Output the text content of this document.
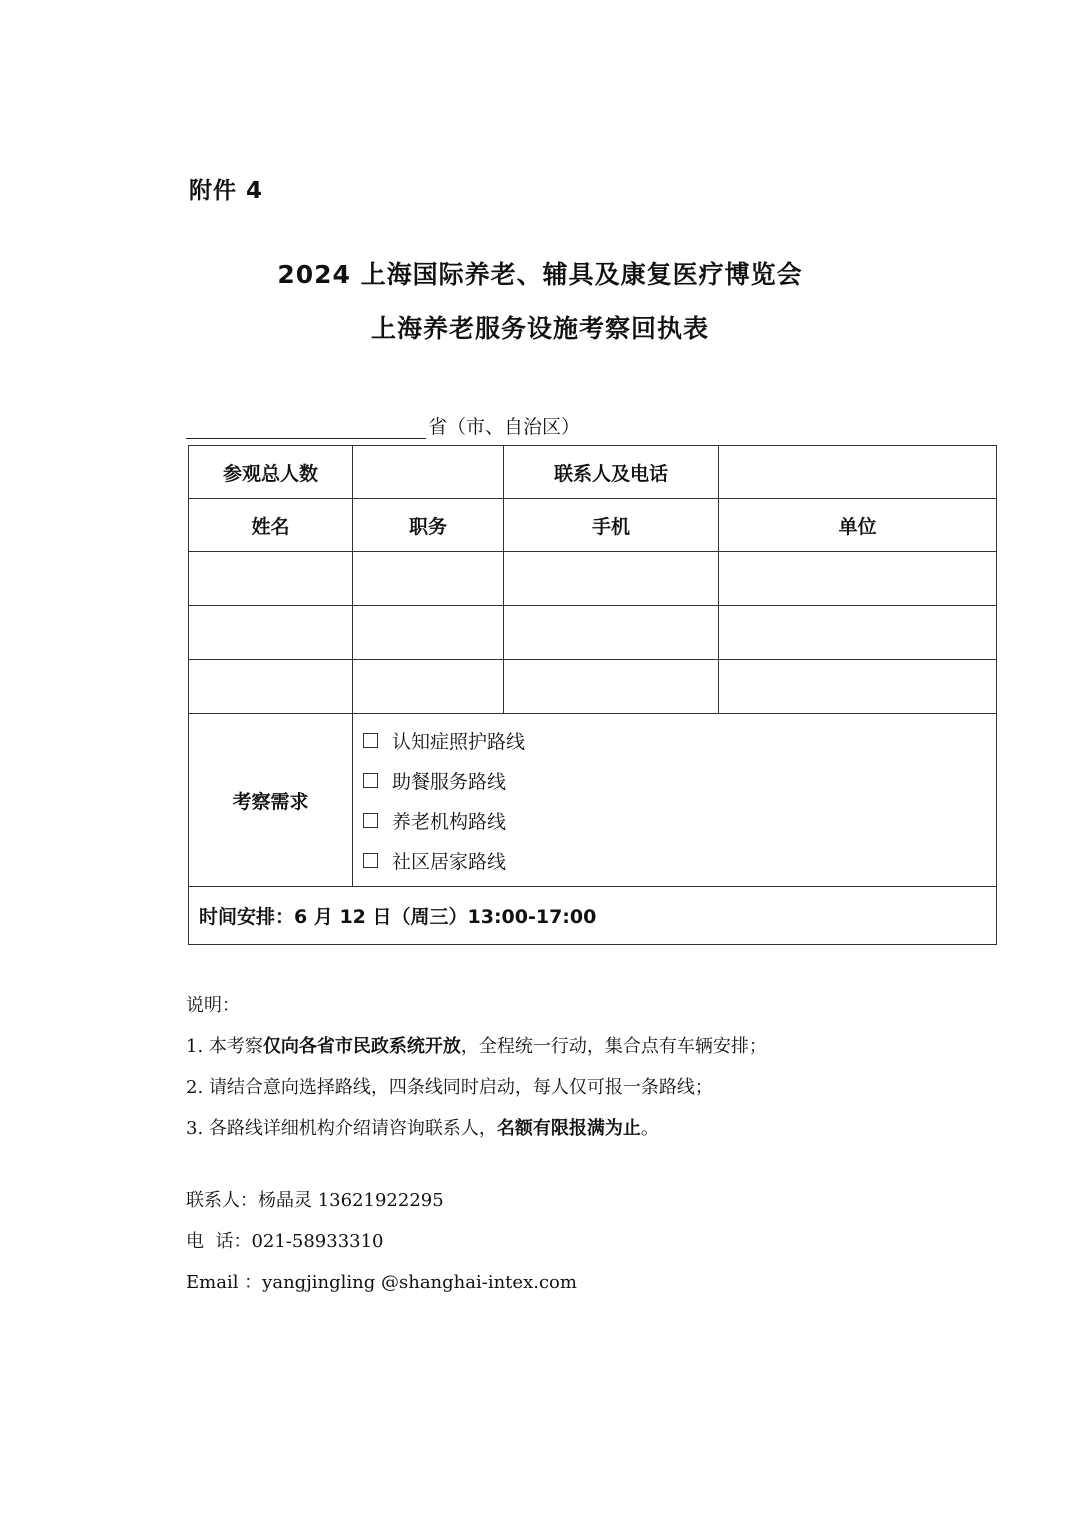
附件 4
2024 上海国际养老、辅具及康复医疗博览会
上海养老服务设施考察回执表
省（市、自治区）
参观总人数		联系人及电话	
姓名	职务	手机	单位

考察需求	认知症照护路线
助餐服务路线
养老机构路线
社区居家路线		

时间安排：6 月 12 日（周三）13:00-17:00			
说明：
1. 本考察仅向各省市民政系统开放，全程统一行动，集合点有车辆安排；
2. 请结合意向选择路线，四条线同时启动，每人仅可报一条路线；
3. 各路线详细机构介绍请咨询联系人，名额有限报满为止。
联系人：杨晶灵 13621922295
电  话：021-58933310
Email ：yangjingling @shanghai-intex.com
